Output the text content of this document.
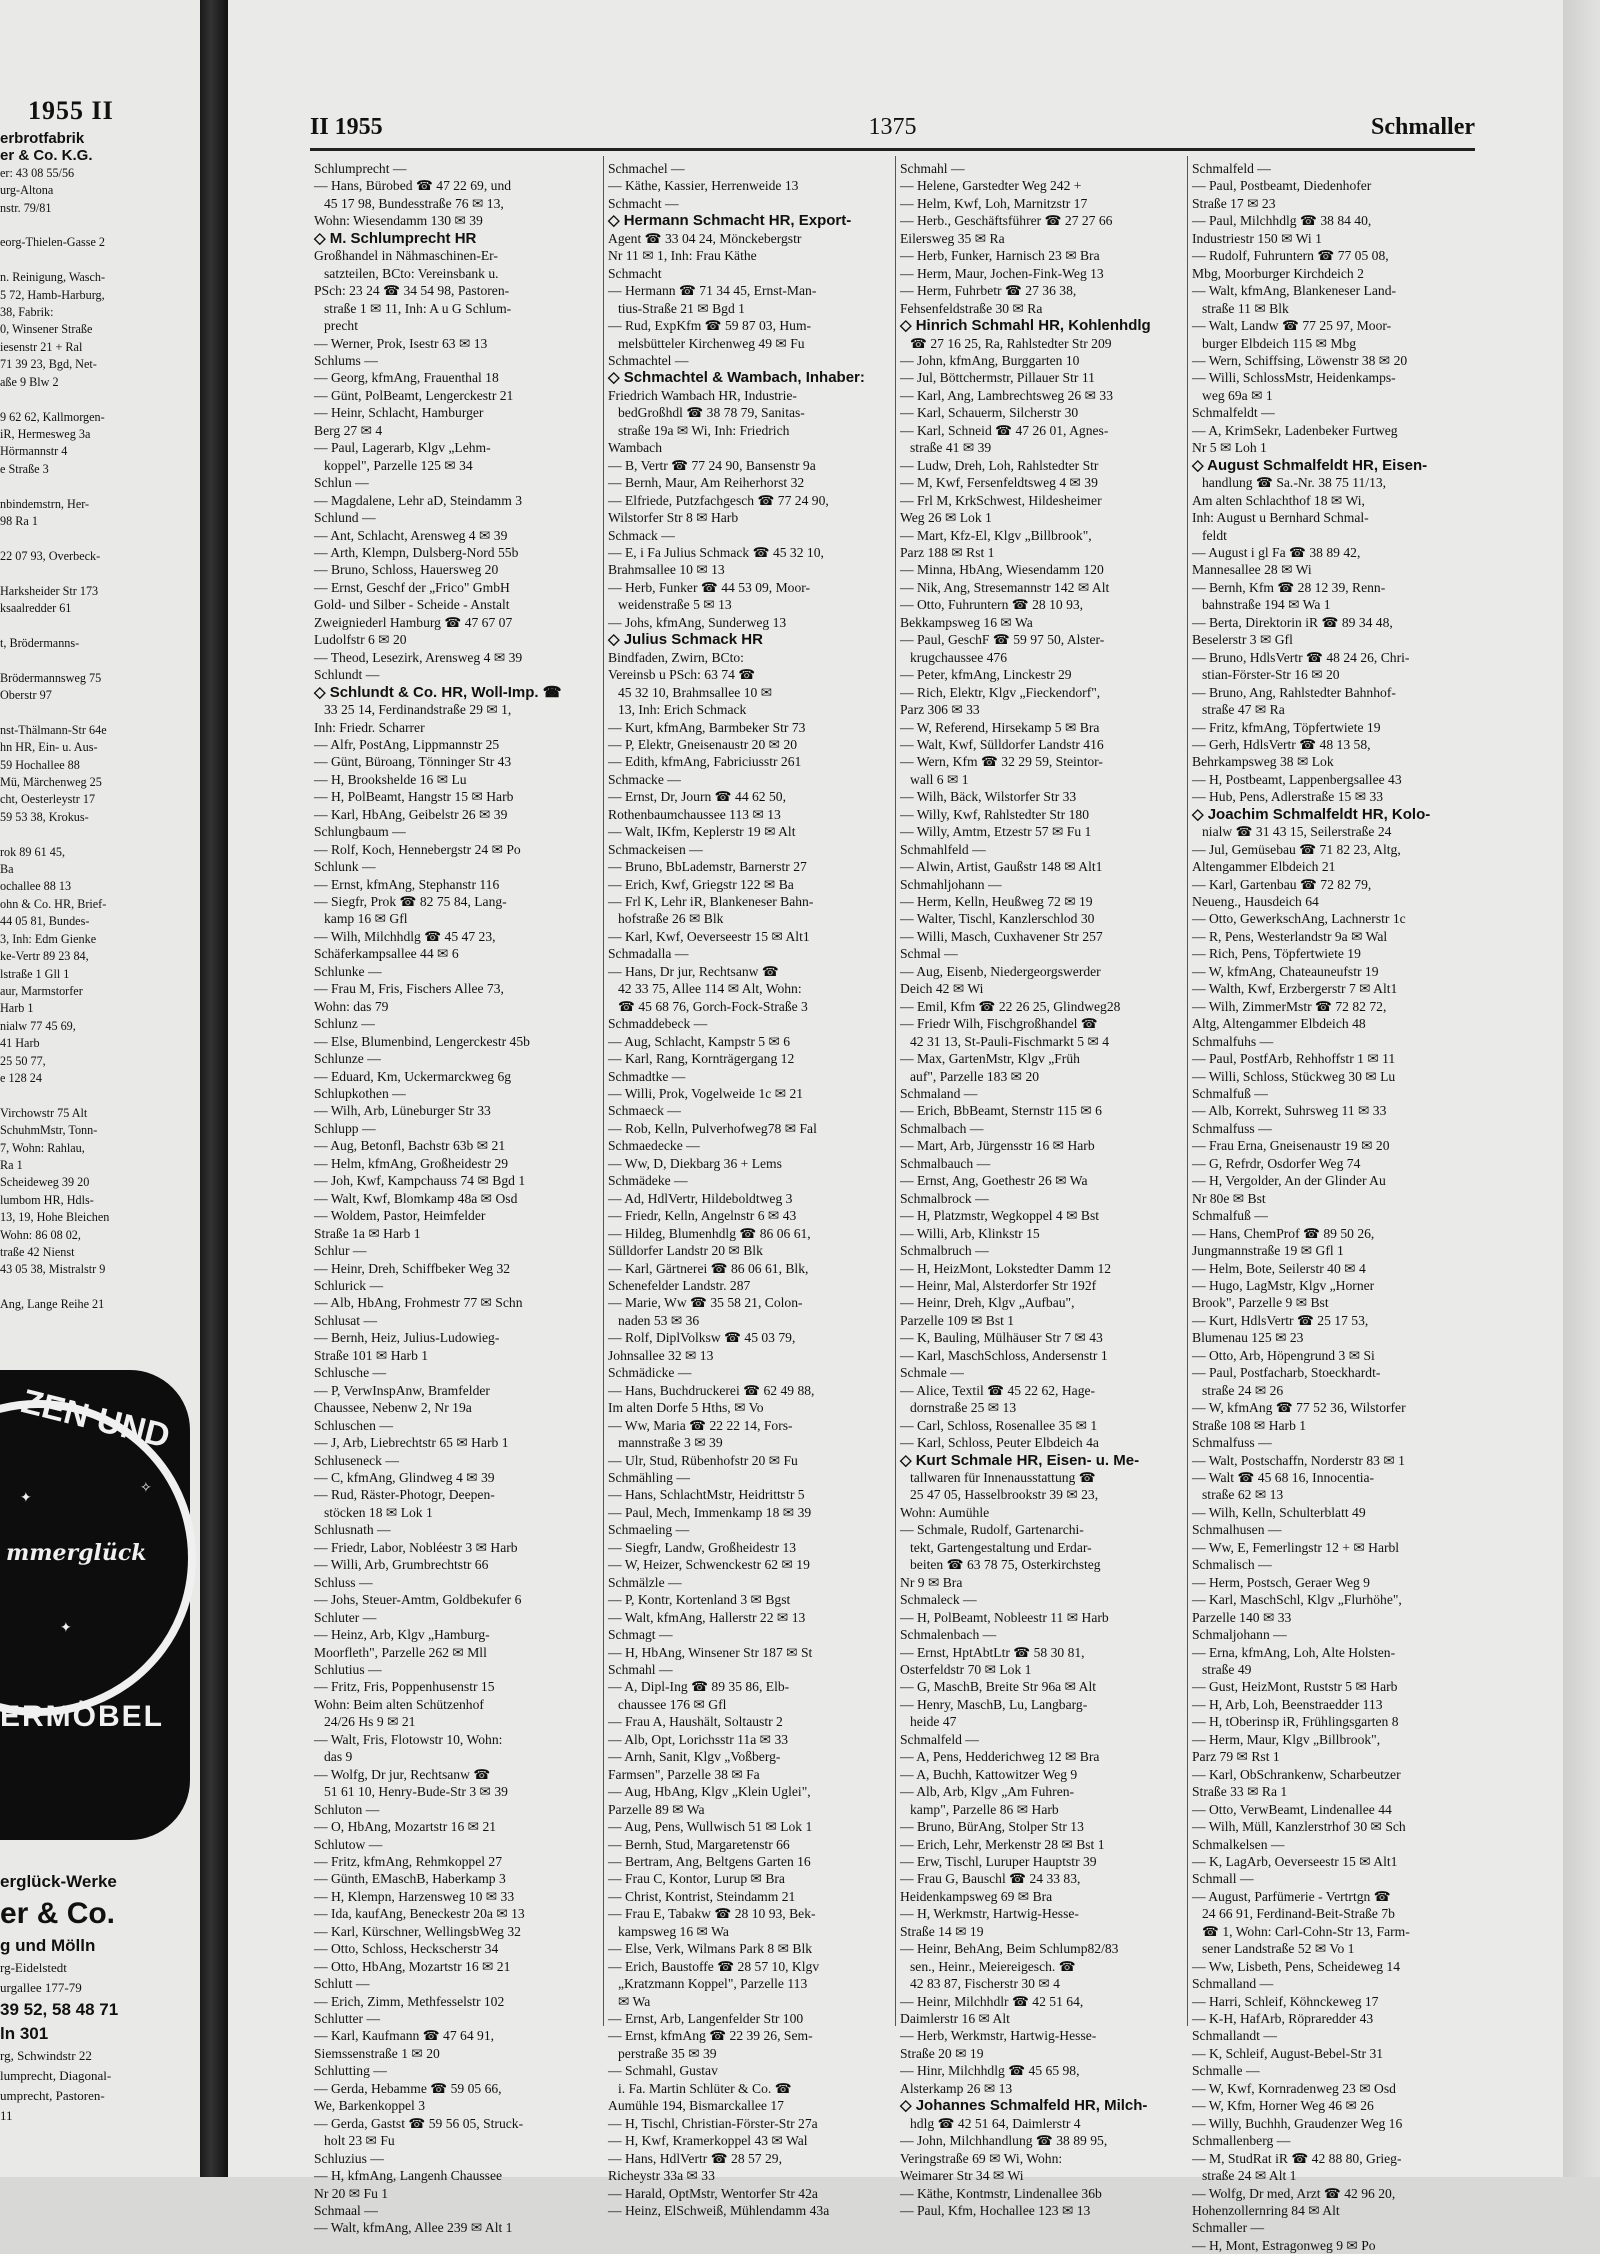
1955 II
erbrotfabrik
er & Co. K.G.
er: 43 08 55/56
urg-Altona
nstr. 79/81

eorg-Thielen-Gasse 2

n. Reinigung, Wasch-
5 72, Hamb-Harburg,
38, Fabrik:
0, Winsener Straße
iesenstr 21 + Ral
71 39 23, Bgd, Net-
aße 9 Blw 2

9 62 62, Kallmorgen-
iR, Hermesweg 3a
Hörmannstr 4
e Straße 3

nbindemstrn, Her-
98 Ra 1

22 07 93, Overbeck-

Harksheider Str 173
ksaalredder 61

t, Brödermanns-

Brödermannsweg 75
Oberstr 97

nst-Thälmann-Str 64e
hn HR, Ein- u. Aus-
59 Hochallee 88
Mü, Märchenweg 25
cht, Oesterleystr 17
59 53 38, Krokus-

rok 89 61 45,
Ba
ochallee 88 13
ohn & Co. HR, Brief-
44 05 81, Bundes-
3, Inh: Edm Gienke
ke-Vertr 89 23 84,
lstraße 1 Gll 1
aur, Marmstorfer
Harb 1
nialw 77 45 69,
41 Harb
25 50 77,
e 128 24

Virchowstr 75 Alt
SchuhmMstr, Tonn-
7, Wohn: Rahlau,
Ra 1
Scheideweg 39 20
lumbom HR, Hdls-
13, 19, Hohe Bleichen
Wohn: 86 08 02,
traße 42 Nienst
43 05 38, Mistralstr 9

Ang, Lange Reihe 21
ZEN UND
✦
✧
✦
mmerglück
ERMÖBEL
erglück-Werke
er & Co.
g und Mölln
rg-Eidelstedt
urgallee 177-79
39 52, 58 48 71
ln 301
rg, Schwindstr 22
lumprecht, Diagonal-
umprecht, Pastoren-
11
1375
II 1955	Schmaller
Schlumprecht —
— Hans, Bürobed ☎ 47 22 69, und
45 17 98, Bundesstraße 76 ✉ 13,
Wohn: Wiesendamm 130 ✉ 39
◇ M. Schlumprecht HR
Großhandel in Nähmaschinen-Er-
satzteilen, BCto: Vereinsbank u.
PSch: 23 24 ☎ 34 54 98, Pastoren-
straße 1 ✉ 11, Inh: A u G Schlum-
precht
— Werner, Prok, Isestr 63 ✉ 13
Schlums —
— Georg, kfmAng, Frauenthal 18
— Günt, PolBeamt, Lengerckestr 21
— Heinr, Schlacht, Hamburger
Berg 27 ✉ 4
— Paul, Lagerarb, Klgv „Lehm-
koppel", Parzelle 125 ✉ 34
Schlun —
— Magdalene, Lehr aD, Steindamm 3
Schlund —
— Ant, Schlacht, Arensweg 4 ✉ 39
— Arth, Klempn, Dulsberg-Nord 55b
— Bruno, Schloss, Hauersweg 20
— Ernst, Geschf der „Frico" GmbH
Gold- und Silber - Scheide - Anstalt
Zweigniederl Hamburg ☎ 47 67 07
Ludolfstr 6 ✉ 20
— Theod, Lesezirk, Arensweg 4 ✉ 39
Schlundt —
◇ Schlundt & Co. HR, Woll-Imp. ☎
33 25 14, Ferdinandstraße 29 ✉ 1,
Inh: Friedr. Scharrer
— Alfr, PostAng, Lippmannstr 25
— Günt, Büroang, Tönninger Str 43
— H, Brookshelde 16 ✉ Lu
— H, PolBeamt, Hangstr 15 ✉ Harb
— Karl, HbAng, Geibelstr 26 ✉ 39
Schlungbaum —
— Rolf, Koch, Hennebergstr 24 ✉ Po
Schlunk —
— Ernst, kfmAng, Stephanstr 116
— Siegfr, Prok ☎ 82 75 84, Lang-
kamp 16 ✉ Gfl
— Wilh, Milchhdlg ☎ 45 47 23,
Schäferkampsallee 44 ✉ 6
Schlunke —
— Frau M, Fris, Fischers Allee 73,
Wohn: das 79
Schlunz —
— Else, Blumenbind, Lengerckestr 45b
Schlunze —
— Eduard, Km, Uckermarckweg 6g
Schlupkothen —
— Wilh, Arb, Lüneburger Str 33
Schlupp —
— Aug, Betonfl, Bachstr 63b ✉ 21
— Helm, kfmAng, Großheidestr 29
— Joh, Kwf, Kampchauss 74 ✉ Bgd 1
— Walt, Kwf, Blomkamp 48a ✉ Osd
— Woldem, Pastor, Heimfelder
Straße 1a ✉ Harb 1
Schlur —
— Heinr, Dreh, Schiffbeker Weg 32
Schlurick —
— Alb, HbAng, Frohmestr 77 ✉ Schn
Schlusat —
— Bernh, Heiz, Julius-Ludowieg-
Straße 101 ✉ Harb 1
Schlusche —
— P, VerwInspAnw, Bramfelder
Chaussee, Nebenw 2, Nr 19a
Schluschen —
— J, Arb, Liebrechtstr 65 ✉ Harb 1
Schluseneck —
— C, kfmAng, Glindweg 4 ✉ 39
— Rud, Räster-Photogr, Deepen-
stöcken 18 ✉ Lok 1
Schlusnath —
— Friedr, Labor, Nobléestr 3 ✉ Harb
— Willi, Arb, Grumbrechtstr 66
Schluss —
— Johs, Steuer-Amtm, Goldbekufer 6
Schluter —
— Heinz, Arb, Klgv „Hamburg-
Moorfleth", Parzelle 262 ✉ Mll
Schlutius —
— Fritz, Fris, Poppenhusenstr 15
Wohn: Beim alten Schützenhof
24/26 Hs 9 ✉ 21
— Walt, Fris, Flotowstr 10, Wohn:
das 9
— Wolfg, Dr jur, Rechtsanw ☎
51 61 10, Henry-Bude-Str 3 ✉ 39
Schluton —
— O, HbAng, Mozartstr 16 ✉ 21
Schlutow —
— Fritz, kfmAng, Rehmkoppel 27
— Günth, EMaschB, Haberkamp 3
— H, Klempn, Harzensweg 10 ✉ 33
— Ida, kaufAng, Beneckestr 20a ✉ 13
— Karl, Kürschner, WellingsbWeg 32
— Otto, Schloss, Heckscherstr 34
— Otto, HbAng, Mozartstr 16 ✉ 21
Schlutt —
— Erich, Zimm, Methfesselstr 102
Schlutter —
— Karl, Kaufmann ☎ 47 64 91,
Siemssenstraße 1 ✉ 20
Schlutting —
— Gerda, Hebamme ☎ 59 05 66,
We, Barkenkoppel 3
— Gerda, Gastst ☎ 59 56 05, Struck-
holt 23 ✉ Fu
Schluzius —
— H, kfmAng, Langenh Chaussee
Nr 20 ✉ Fu 1
Schmaal —
— Walt, kfmAng, Allee 239 ✉ Alt 1
Schmachel —
— Käthe, Kassier, Herrenweide 13
Schmacht —
◇ Hermann Schmacht HR, Export-
Agent ☎ 33 04 24, Mönckebergstr
Nr 11 ✉ 1, Inh: Frau Käthe
Schmacht
— Hermann ☎ 71 34 45, Ernst-Man-
tius-Straße 21 ✉ Bgd 1
— Rud, ExpKfm ☎ 59 87 03, Hum-
melsbütteler Kirchenweg 49 ✉ Fu
Schmachtel —
◇ Schmachtel & Wambach, Inhaber:
Friedrich Wambach HR, Industrie-
bedGroßhdl ☎ 38 78 79, Sanitas-
straße 19a ✉ Wi, Inh: Friedrich
Wambach
— B, Vertr ☎ 77 24 90, Bansenstr 9a
— Bernh, Maur, Am Reiherhorst 32
— Elfriede, Putzfachgesch ☎ 77 24 90,
Wilstorfer Str 8 ✉ Harb
Schmack —
— E, i Fa Julius Schmack ☎ 45 32 10,
Brahmsallee 10 ✉ 13
— Herb, Funker ☎ 44 53 09, Moor-
weidenstraße 5 ✉ 13
— Johs, kfmAng, Sunderweg 13
◇ Julius Schmack HR
Bindfaden, Zwirn, BCto:
Vereinsb u PSch: 63 74 ☎
45 32 10, Brahmsallee 10 ✉
13, Inh: Erich Schmack
— Kurt, kfmAng, Barmbeker Str 73
— P, Elektr, Gneisenaustr 20 ✉ 20
— Edith, kfmAng, Fabriciusstr 261
Schmacke —
— Ernst, Dr, Journ ☎ 44 62 50,
Rothenbaumchaussee 113 ✉ 13
— Walt, IKfm, Keplerstr 19 ✉ Alt
Schmackeisen —
— Bruno, BbLademstr, Barnerstr 27
— Erich, Kwf, Griegstr 122 ✉ Ba
— Frl K, Lehr iR, Blankeneser Bahn-
hofstraße 26 ✉ Blk
— Karl, Kwf, Oeverseestr 15 ✉ Alt1
Schmadalla —
— Hans, Dr jur, Rechtsanw ☎
42 33 75, Allee 114 ✉ Alt, Wohn:
☎ 45 68 76, Gorch-Fock-Straße 3
Schmaddebeck —
— Aug, Schlacht, Kampstr 5 ✉ 6
— Karl, Rang, Kornträgergang 12
Schmadtke —
— Willi, Prok, Vogelweide 1c ✉ 21
Schmaeck —
— Rob, Kelln, Pulverhofweg78 ✉ Fal
Schmaedecke —
— Ww, D, Diekbarg 36 + Lems
Schmädeke —
— Ad, HdlVertr, Hildeboldtweg 3
— Friedr, Kelln, Angelnstr 6 ✉ 43
— Hildeg, Blumenhdlg ☎ 86 06 61,
Sülldorfer Landstr 20 ✉ Blk
— Karl, Gärtnerei ☎ 86 06 61, Blk,
Schenefelder Landstr. 287
— Marie, Ww ☎ 35 58 21, Colon-
naden 53 ✉ 36
— Rolf, DiplVolksw ☎ 45 03 79,
Johnsallee 32 ✉ 13
Schmädicke —
— Hans, Buchdruckerei ☎ 62 49 88,
Im alten Dorfe 5 Hths, ✉ Vo
— Ww, Maria ☎ 22 22 14, Fors-
mannstraße 3 ✉ 39
— Ulr, Stud, Rübenhofstr 20 ✉ Fu
Schmähling —
— Hans, SchlachtMstr, Heidrittstr 5
— Paul, Mech, Immenkamp 18 ✉ 39
Schmaeling —
— Siegfr, Landw, Großheidestr 13
— W, Heizer, Schwenckestr 62 ✉ 19
Schmälzle —
— P, Kontr, Kortenland 3 ✉ Bgst
— Walt, kfmAng, Hallerstr 22 ✉ 13
Schmagt —
— H, HbAng, Winsener Str 187 ✉ St
Schmahl —
— A, Dipl-Ing ☎ 89 35 86, Elb-
chaussee 176 ✉ Gfl
— Frau A, Haushält, Soltaustr 2
— Alb, Opt, Lorichsstr 11a ✉ 33
— Arnh, Sanit, Klgv „Voßberg-
Farmsen", Parzelle 38 ✉ Fa
— Aug, HbAng, Klgv „Klein Uglei",
Parzelle 89 ✉ Wa
— Aug, Pens, Wullwisch 51 ✉ Lok 1
— Bernh, Stud, Margaretenstr 66
— Bertram, Ang, Beltgens Garten 16
— Frau C, Kontor, Lurup ✉ Bra
— Christ, Kontrist, Steindamm 21
— Frau E, Tabakw ☎ 28 10 93, Bek-
kampsweg 16 ✉ Wa
— Else, Verk, Wilmans Park 8 ✉ Blk
— Erich, Baustoffe ☎ 28 57 10, Klgv
„Kratzmann Koppel", Parzelle 113
✉ Wa
— Ernst, Arb, Langenfelder Str 100
— Ernst, kfmAng ☎ 22 39 26, Sem-
perstraße 35 ✉ 39
— Schmahl, Gustav
i. Fa. Martin Schlüter & Co. ☎
Aumühle 194, Bismarckallee 17
— H, Tischl, Christian-Förster-Str 27a
— H, Kwf, Kramerkoppel 43 ✉ Wal
— Hans, HdlVertr ☎ 28 57 29,
Richeystr 33a ✉ 33
— Harald, OptMstr, Wentorfer Str 42a
— Heinz, ElSchweiß, Mühlendamm 43a
Schmahl —
— Helene, Garstedter Weg 242 +
— Helm, Kwf, Loh, Marnitzstr 17
— Herb., Geschäftsführer ☎ 27 27 66
Eilersweg 35 ✉ Ra
— Herb, Funker, Harnisch 23 ✉ Bra
— Herm, Maur, Jochen-Fink-Weg 13
— Herm, Fuhrbetr ☎ 27 36 38,
Fehsenfeldstraße 30 ✉ Ra
◇ Hinrich Schmahl HR, Kohlenhdlg
☎ 27 16 25, Ra, Rahlstedter Str 209
— John, kfmAng, Burggarten 10
— Jul, Böttchermstr, Pillauer Str 11
— Karl, Ang, Lambrechtsweg 26 ✉ 33
— Karl, Schauerm, Silcherstr 30
— Karl, Schneid ☎ 47 26 01, Agnes-
straße 41 ✉ 39
— Ludw, Dreh, Loh, Rahlstedter Str
— M, Kwf, Fersenfeldtsweg 4 ✉ 39
— Frl M, KrkSchwest, Hildesheimer
Weg 26 ✉ Lok 1
— Mart, Kfz-El, Klgv „Billbrook",
Parz 188 ✉ Rst 1
— Minna, HbAng, Wiesendamm 120
— Nik, Ang, Stresemannstr 142 ✉ Alt
— Otto, Fuhruntern ☎ 28 10 93,
Bekkampsweg 16 ✉ Wa
— Paul, GeschF ☎ 59 97 50, Alster-
krugchaussee 476
— Peter, kfmAng, Linckestr 29
— Rich, Elektr, Klgv „Fieckendorf",
Parz 306 ✉ 33
— W, Referend, Hirsekamp 5 ✉ Bra
— Walt, Kwf, Sülldorfer Landstr 416
— Wern, Kfm ☎ 32 29 59, Steintor-
wall 6 ✉ 1
— Wilh, Bäck, Wilstorfer Str 33
— Willy, Kwf, Rahlstedter Str 180
— Willy, Amtm, Etzestr 57 ✉ Fu 1
Schmahlfeld —
— Alwin, Artist, Gaußstr 148 ✉ Alt1
Schmahljohann —
— Herm, Kelln, Heußweg 72 ✉ 19
— Walter, Tischl, Kanzlerschlod 30
— Willi, Masch, Cuxhavener Str 257
Schmal —
— Aug, Eisenb, Niedergeorgswerder
Deich 42 ✉ Wi
— Emil, Kfm ☎ 22 26 25, Glindweg28
— Friedr Wilh, Fischgroßhandel ☎
42 31 13, St-Pauli-Fischmarkt 5 ✉ 4
— Max, GartenMstr, Klgv „Früh
auf", Parzelle 183 ✉ 20
Schmaland —
— Erich, BbBeamt, Sternstr 115 ✉ 6
Schmalbach —
— Mart, Arb, Jürgensstr 16 ✉ Harb
Schmalbauch —
— Ernst, Ang, Goethestr 26 ✉ Wa
Schmalbrock —
— H, Platzmstr, Wegkoppel 4 ✉ Bst
— Willi, Arb, Klinkstr 15
Schmalbruch —
— H, HeizMont, Lokstedter Damm 12
— Heinr, Mal, Alsterdorfer Str 192f
— Heinr, Dreh, Klgv „Aufbau",
Parzelle 109 ✉ Bst 1
— K, Bauling, Mülhäuser Str 7 ✉ 43
— Karl, MaschSchloss, Andersenstr 1
Schmale —
— Alice, Textil ☎ 45 22 62, Hage-
dornstraße 25 ✉ 13
— Carl, Schloss, Rosenallee 35 ✉ 1
— Karl, Schloss, Peuter Elbdeich 4a
◇ Kurt Schmale HR, Eisen- u. Me-
tallwaren für Innenausstattung ☎
25 47 05, Hasselbrookstr 39 ✉ 23,
Wohn: Aumühle
— Schmale, Rudolf, Gartenarchi-
tekt, Gartengestaltung und Erdar-
beiten ☎ 63 78 75, Osterkirchsteg
Nr 9 ✉ Bra
Schmaleck —
— H, PolBeamt, Nobleestr 11 ✉ Harb
Schmalenbach —
— Ernst, HptAbtLtr ☎ 58 30 81,
Osterfeldstr 70 ✉ Lok 1
— G, MaschB, Breite Str 96a ✉ Alt
— Henry, MaschB, Lu, Langbarg-
heide 47
Schmalfeld —
— A, Pens, Hedderichweg 12 ✉ Bra
— A, Buchh, Kattowitzer Weg 9
— Alb, Arb, Klgv „Am Fuhren-
kamp", Parzelle 86 ✉ Harb
— Bruno, BürAng, Stolper Str 13
— Erich, Lehr, Merkenstr 28 ✉ Bst 1
— Erw, Tischl, Luruper Hauptstr 39
— Frau G, Bauschl ☎ 24 33 83,
Heidenkampsweg 69 ✉ Bra
— H, Werkmstr, Hartwig-Hesse-
Straße 14 ✉ 19
— Heinr, BehAng, Beim Schlump82/83
sen., Heinr., Meiereigesch. ☎
42 83 87, Fischerstr 30 ✉ 4
— Heinr, Milchhdlr ☎ 42 51 64,
Daimlerstr 16 ✉ Alt
— Herb, Werkmstr, Hartwig-Hesse-
Straße 20 ✉ 19
— Hinr, Milchhdlg ☎ 45 65 98,
Alsterkamp 26 ✉ 13
◇ Johannes Schmalfeld HR, Milch-
hdlg ☎ 42 51 64, Daimlerstr 4
— John, Milchhandlung ☎ 38 89 95,
Veringstraße 69 ✉ Wi, Wohn:
Weimarer Str 34 ✉ Wi
— Käthe, Kontmstr, Lindenallee 36b
— Paul, Kfm, Hochallee 123 ✉ 13
Schmalfeld —
— Paul, Postbeamt, Diedenhofer
Straße 17 ✉ 23
— Paul, Milchhdlg ☎ 38 84 40,
Industriestr 150 ✉ Wi 1
— Rudolf, Fuhruntern ☎ 77 05 08,
Mbg, Moorburger Kirchdeich 2
— Walt, kfmAng, Blankeneser Land-
straße 11 ✉ Blk
— Walt, Landw ☎ 77 25 97, Moor-
burger Elbdeich 115 ✉ Mbg
— Wern, Schiffsing, Löwenstr 38 ✉ 20
— Willi, SchlossMstr, Heidenkamps-
weg 69a ✉ 1
Schmalfeldt —
— A, KrimSekr, Ladenbeker Furtweg
Nr 5 ✉ Loh 1
◇ August Schmalfeldt HR, Eisen-
handlung ☎ Sa.-Nr. 38 75 11/13,
Am alten Schlachthof 18 ✉ Wi,
Inh: August u Bernhard Schmal-
feldt
— August i gl Fa ☎ 38 89 42,
Mannesallee 28 ✉ Wi
— Bernh, Kfm ☎ 28 12 39, Renn-
bahnstraße 194 ✉ Wa 1
— Berta, Direktorin iR ☎ 89 34 48,
Beselerstr 3 ✉ Gfl
— Bruno, HdlsVertr ☎ 48 24 26, Chri-
stian-Förster-Str 16 ✉ 20
— Bruno, Ang, Rahlstedter Bahnhof-
straße 47 ✉ Ra
— Fritz, kfmAng, Töpfertwiete 19
— Gerh, HdlsVertr ☎ 48 13 58,
Behrkampsweg 38 ✉ Lok
— H, Postbeamt, Lappenbergsallee 43
— Hub, Pens, Adlerstraße 15 ✉ 33
◇ Joachim Schmalfeldt HR, Kolo-
nialw ☎ 31 43 15, Seilerstraße 24
— Jul, Gemüsebau ☎ 71 82 23, Altg,
Altengammer Elbdeich 21
— Karl, Gartenbau ☎ 72 82 79,
Neueng., Hausdeich 64
— Otto, GewerkschAng, Lachnerstr 1c
— R, Pens, Westerlandstr 9a ✉ Wal
— Rich, Pens, Töpfertwiete 19
— W, kfmAng, Chateauneufstr 19
— Walth, Kwf, Erzbergerstr 7 ✉ Alt1
— Wilh, ZimmerMstr ☎ 72 82 72,
Altg, Altengammer Elbdeich 48
Schmalfuhs —
— Paul, PostfArb, Rehhoffstr 1 ✉ 11
— Willi, Schloss, Stückweg 30 ✉ Lu
Schmalfuß —
— Alb, Korrekt, Suhrsweg 11 ✉ 33
Schmalfuss —
— Frau Erna, Gneisenaustr 19 ✉ 20
— G, Refrdr, Osdorfer Weg 74
— H, Vergolder, An der Glinder Au
Nr 80e ✉ Bst
Schmalfuß —
— Hans, ChemProf ☎ 89 50 26,
Jungmannstraße 19 ✉ Gfl 1
— Helm, Bote, Seilerstr 40 ✉ 4
— Hugo, LagMstr, Klgv „Horner
Brook", Parzelle 9 ✉ Bst
— Kurt, HdlsVertr ☎ 25 17 53,
Blumenau 125 ✉ 23
— Otto, Arb, Höpengrund 3 ✉ Si
— Paul, Postfacharb, Stoeckhardt-
straße 24 ✉ 26
— W, kfmAng ☎ 77 52 36, Wilstorfer
Straße 108 ✉ Harb 1
Schmalfuss —
— Walt, Postschaffn, Norderstr 83 ✉ 1
— Walt ☎ 45 68 16, Innocentia-
straße 62 ✉ 13
— Wilh, Kelln, Schulterblatt 49
Schmalhusen —
— Ww, E, Femerlingstr 12 + ✉ Harbl
Schmalisch —
— Herm, Postsch, Geraer Weg 9
— Karl, MaschSchl, Klgv „Flurhöhe",
Parzelle 140 ✉ 33
Schmaljohann —
— Erna, kfmAng, Loh, Alte Holsten-
straße 49
— Gust, HeizMont, Ruststr 5 ✉ Harb
— H, Arb, Loh, Beenstraedder 113
— H, tOberinsp iR, Frühlingsgarten 8
— Herm, Maur, Klgv „Billbrook",
Parz 79 ✉ Rst 1
— Karl, ObSchrankenw, Scharbeutzer
Straße 33 ✉ Ra 1
— Otto, VerwBeamt, Lindenallee 44
— Wilh, Müll, Kanzlerstrhof 30 ✉ Sch
Schmalkelsen —
— K, LagArb, Oeverseestr 15 ✉ Alt1
Schmall —
— August, Parfümerie - Vertrtgn ☎
24 66 91, Ferdinand-Beit-Straße 7b
☎ 1, Wohn: Carl-Cohn-Str 13, Farm-
sener Landstraße 52 ✉ Vo 1
— Ww, Lisbeth, Pens, Scheideweg 14
Schmalland —
— Harri, Schleif, Köhnckeweg 17
— K-H, HafArb, Röpraredder 43
Schmallandt —
— K, Schleif, August-Bebel-Str 31
Schmalle —
— W, Kwf, Kornradenweg 23 ✉ Osd
— W, Kfm, Horner Weg 46 ✉ 26
— Willy, Buchhh, Graudenzer Weg 16
Schmallenberg —
— M, StudRat iR ☎ 42 88 80, Grieg-
straße 24 ✉ Alt 1
— Wolfg, Dr med, Arzt ☎ 42 96 20,
Hohenzollernring 84 ✉ Alt
Schmaller —
— H, Mont, Estragonweg 9 ✉ Po
